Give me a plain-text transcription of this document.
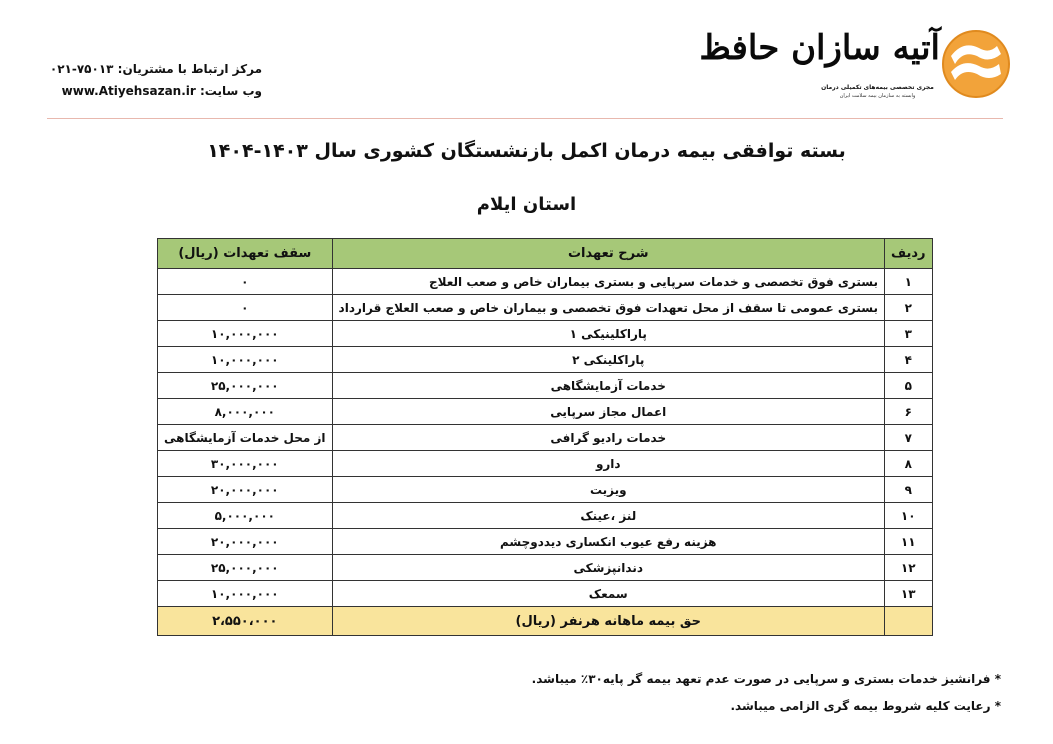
مرکز ارتباط با مشتریان: ۷۵۰۱۳-۰۲۱
وب سایت: www.Atiyehsazan.ir
آتیه سازان حافظ
مجری تخصصی بیمه‌های تکمیلی درمان
وابسته به سازمان بیمه سلامت ایران
بسته توافقی بیمه درمان اکمل بازنشستگان کشوری سال ۱۴۰۳-۱۴۰۴
استان ایلام
ردیف	شرح تعهدات	سقف تعهدات (ریال)
۱	بستری فوق تخصصی و خدمات سرپایی و بستری بیماران خاص و صعب العلاج	۰
۲	بستری عمومی تا سقف از محل تعهدات فوق تخصصی و بیماران خاص و صعب العلاج قرارداد	۰
۳	پاراکلینیکی ۱	۱۰,۰۰۰,۰۰۰
۴	پاراکلینکی ۲	۱۰,۰۰۰,۰۰۰
۵	خدمات آزمایشگاهی	۲۵,۰۰۰,۰۰۰
۶	اعمال مجاز سرپایی	۸,۰۰۰,۰۰۰
۷	خدمات رادیو گرافی	از محل خدمات آزمایشگاهی
۸	دارو	۳۰,۰۰۰,۰۰۰
۹	ویزیت	۲۰,۰۰۰,۰۰۰
۱۰	لنز ،عینک	۵,۰۰۰,۰۰۰
۱۱	هزینه رفع عیوب انکساری دیددوچشم	۲۰,۰۰۰,۰۰۰
۱۲	دندانپزشکی	۲۵,۰۰۰,۰۰۰
۱۳	سمعک	۱۰,۰۰۰,۰۰۰
	حق بیمه ماهانه هرنفر (ریال)	۲،۵۵۰،۰۰۰
* فرانشیز خدمات بستری و سرپایی در صورت عدم تعهد بیمه گر پایه۳۰٪ میباشد.
* رعایت کلیه شروط بیمه گری الزامی میباشد.
